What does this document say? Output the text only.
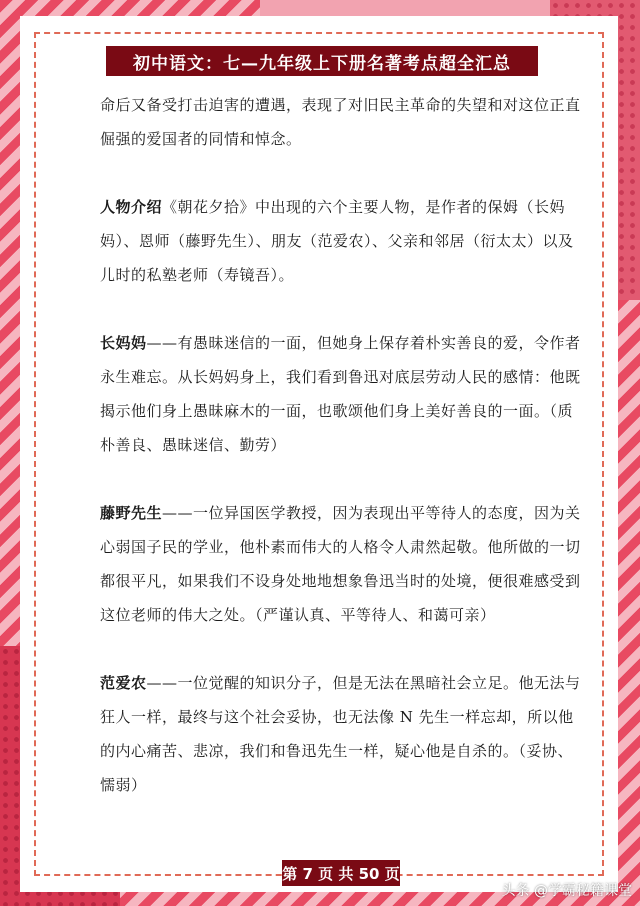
初中语文：七—九年级上下册名著考点超全汇总

命后又备受打击迫害的遭遇，表现了对旧民主革命的失望和对这位正直倔强的爱国者的同情和悼念。

人物介绍《朝花夕拾》中出现的六个主要人物，是作者的保姆（长妈妈）、恩师（藤野先生）、朋友（范爱农）、父亲和邻居（衍太太）以及儿时的私塾老师（寿镜吾）。

长妈妈——有愚昧迷信的一面，但她身上保存着朴实善良的爱，令作者永生难忘。从长妈妈身上，我们看到鲁迅对底层劳动人民的感情：他既揭示他们身上愚昧麻木的一面，也歌颂他们身上美好善良的一面。（质朴善良、愚昧迷信、勤劳）

藤野先生——一位异国医学教授，因为表现出平等待人的态度，因为关心弱国子民的学业，他朴素而伟大的人格令人肃然起敬。他所做的一切都很平凡，如果我们不设身处地地想象鲁迅当时的处境，便很难感受到这位老师的伟大之处。（严谨认真、平等待人、和蔼可亲）

范爱农——一位觉醒的知识分子，但是无法在黑暗社会立足。他无法与狂人一样，最终与这个社会妥协，也无法像 N 先生一样忘却，所以他的内心痛苦、悲凉，我们和鲁迅先生一样，疑心他是自杀的。（妥协、懦弱）

第 7 页 共 50 页
头条 @学霸秘籍课堂
